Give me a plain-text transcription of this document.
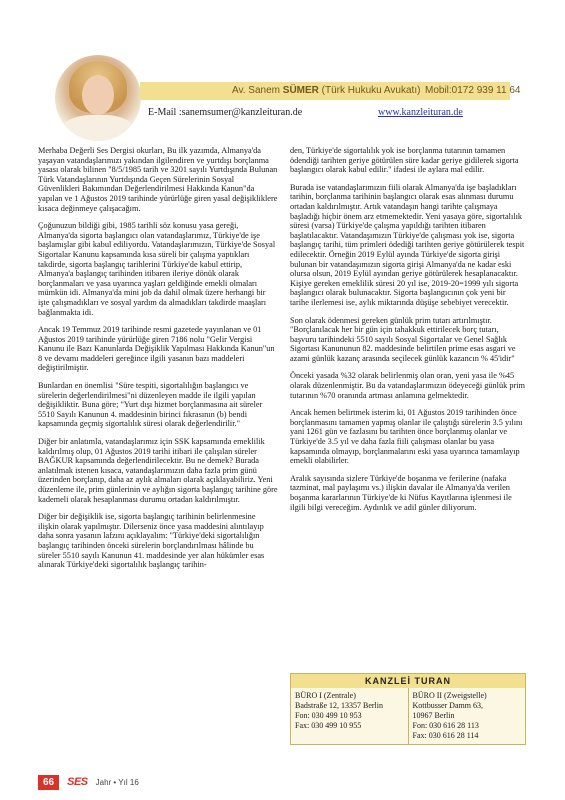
Av. Sanem SÜMER (Türk Hukuku Avukatı) Mobil:0172 939 11 64
E-Mail :sanemsumer@kanzleituran.de	www.kanzleituran.de

Merhaba Değerli Ses Dergisi okurları, Bu ilk yazımda, Almanya'da yaşayan vatandaşlarımızı yakından ilgilendiren ve yurtdışı borçlanma yasası olarak bilinen "8/5/1985 tarih ve 3201 sayılı Yurtdışında Bulunan Türk Vatandaşlarının Yurtdışında Geçen Sürelerinin Sosyal Güvenlikleri Bakımından Değerlendirilmesi Hakkında Kanun"da yapılan ve 1 Ağustos 2019 tarihinde yürürlüğe giren yasal değişikliklere kısaca değinmeye çalışacağım.

Çoğunuzun bildiği gibi, 1985 tarihli söz konusu yasa gereği, Almanya'da sigorta başlangıcı olan vatandaşlarımız, Türkiye'de işe başlamışlar gibi kabul ediliyordu. Vatandaşlarımızın, Türkiye'de Sosyal Sigortalar Kanunu kapsamında kısa süreli bir çalışma yaptıkları takdirde, sigorta başlangıç tarihlerini Türkiye'de kabul ettirip, Almanya'a başlangıç tarihinden itibaren ileriye dönük olarak borçlanmaları ve yasa uyarınca yaşları geldiğinde emekli olmaları mümkün idi. Almanya'da mini job da dahil olmak üzere herhangi bir işte çalışmadıkları ve sosyal yardım da almadıkları takdirde maaşları bağlanmakta idi.

Ancak 19 Temmuz 2019 tarihinde resmi gazetede yayınlanan ve 01 Ağustos 2019 tarihinde yürürlüğe giren 7186 nolu "Gelir Vergisi Kanunu ile Bazı Kanunlarda Değişiklik Yapılması Hakkında Kanun"un 8 ve devamı maddeleri gereğince ilgili yasanın bazı maddeleri değiştirilmiştir.

Bunlardan en önemlisi "Süre tespiti, sigortalılığın başlangıcı ve sürelerin değerlendirilmesi"ni düzenleyen madde ile ilgili yapılan değişikliktir. Buna göre; "Yurt dışı hizmet borçlanmasına ait süreler 5510 Sayılı Kanunun 4. maddesinin birinci fıkrasının (b) bendi kapsamında geçmiş sigortalılık süresi olarak değerlendirilir."

Diğer bir anlatımla, vatandaşlarımız için SSK kapsamında emeklilik kaldırılmış olup, 01 Ağustos 2019 tarihi itibari ile çalışılan süreler BAĞKUR kapsamında değerlendirilecektir. Bu ne demek? Burada anlatılmak istenen kısaca, vatandaşlarımızın daha fazla prim günü üzerinden borçlanıp, daha az aylık almaları olarak açıklayabiliriz. Yeni düzenleme ile, prim günlerinin ve aylığın sigorta başlangıç tarihine göre kademeli olarak hesaplanması durumu ortadan kaldırılmıştır.

Diğer bir değişiklik ise, sigorta başlangıç tarihinin belirlenmesine ilişkin olarak yapılmıştır. Dilerseniz önce yasa maddesini alıntılayıp daha sonra yasanın lafzını açıklayalım: "Türkiye'deki sigortalılığın başlangıç tarihinden önceki sürelerin borçlandırılması hâlinde bu süreler 5510 sayılı Kanunun 41. maddesinde yer alan hükümler esas alınarak Türkiye'deki sigortalılık başlangıç tarihin-

den, Türkiye'de sigortalılık yok ise borçlanma tutarının tamamen ödendiği tarihten geriye götürülen süre kadar geriye gidilerek sigorta başlangıcı olarak kabul edilir." ifadesi ile aylara mal edilir.

Burada ise vatandaşlarımızın fiili olarak Almanya'da işe başladıkları tarihin, borçlanma tarihinin başlangıcı olarak esas alınması durumu ortadan kaldırılmıştır. Artık vatandaşın hangi tarihte çalışmaya başladığı hiçbir önem arz etmemektedir. Yeni yasaya göre, sigortalılık süresi (varsa) Türkiye'de çalışma yapıldığı tarihten itibaren başlatılacaktır. Vatandaşımızın Türkiye'de çalışması yok ise, sigorta başlangıç tarihi, tüm primleri ödediği tarihten geriye götürülerek tespit edilecektir. Örneğin 2019 Eylül ayında Türkiye'de sigorta girişi bulunan bir vatandaşımızın sigorta girişi Almanya'da ne kadar eski olursa olsun, 2019 Eylül ayından geriye götürülerek hesaplanacaktır. Kişiye gereken emeklilik süresi 20 yıl ise, 2019-20=1999 yılı sigorta başlangıcı olarak bulunacaktır. Sigorta başlangıcının çok yeni bir tarihe ilerlemesi ise, aylık miktarında düşüşe sebebiyet verecektir.

Son olarak ödenmesi gereken günlük prim tutarı artırılmıştır. "Borçlanılacak her bir gün için tahakkuk ettirilecek borç tutarı, başvuru tarihindeki 5510 sayılı Sosyal Sigortalar ve Genel Sağlık Sigortası Kanununun 82. maddesinde belirtilen prime esas asgari ve azami günlük kazanç arasında seçilecek günlük kazancın % 45'idir"

Önceki yasada %32 olarak belirlenmiş olan oran, yeni yasa ile %45 olarak düzenlenmiştir. Bu da vatandaşlarımızın ödeyeceği günlük prim tutarının %70 oranında artması anlamına gelmektedir.

Ancak hemen belirtmek isterim ki, 01 Ağustos 2019 tarihinden önce borçlanmasını tamamen yapmış olanlar ile çalıştığı sürelerin 3.5 yılını yani 1261 gün ve fazlasını bu tarihten önce borçlanmış olanlar ve Türkiye'de 3.5 yıl ve daha fazla fiili çalışması olanlar bu yasa kapsamında olmayıp, borçlanmalarını eski yasa uyarınca tamamlayıp emekli olabilirler.

Aralık sayısında sizlere Türkiye'de boşanma ve ferilerine (nafaka tazminat, mal paylaşımı vs.) ilişkin davalar ile Almanya'da verilen boşanma kararlarının Türkiye'de ki Nüfus Kayıtlarına işlenmesi ile ilgili bilgi vereceğim. Aydınlık ve adil günler diliyorum.

KANZLEİ TURAN
BÜRO I (Zentrale)
Badstraße 12, 13357 Berlin
Fon: 030 499 10 953
Fax: 030 499 10 955
BÜRO II (Zweigstelle)
Kottbusser Damm 63,
10967 Berlin
Fon: 030 616 28 113
Fax: 030 616 28 114
66	SES Jahr • Yıl 16
